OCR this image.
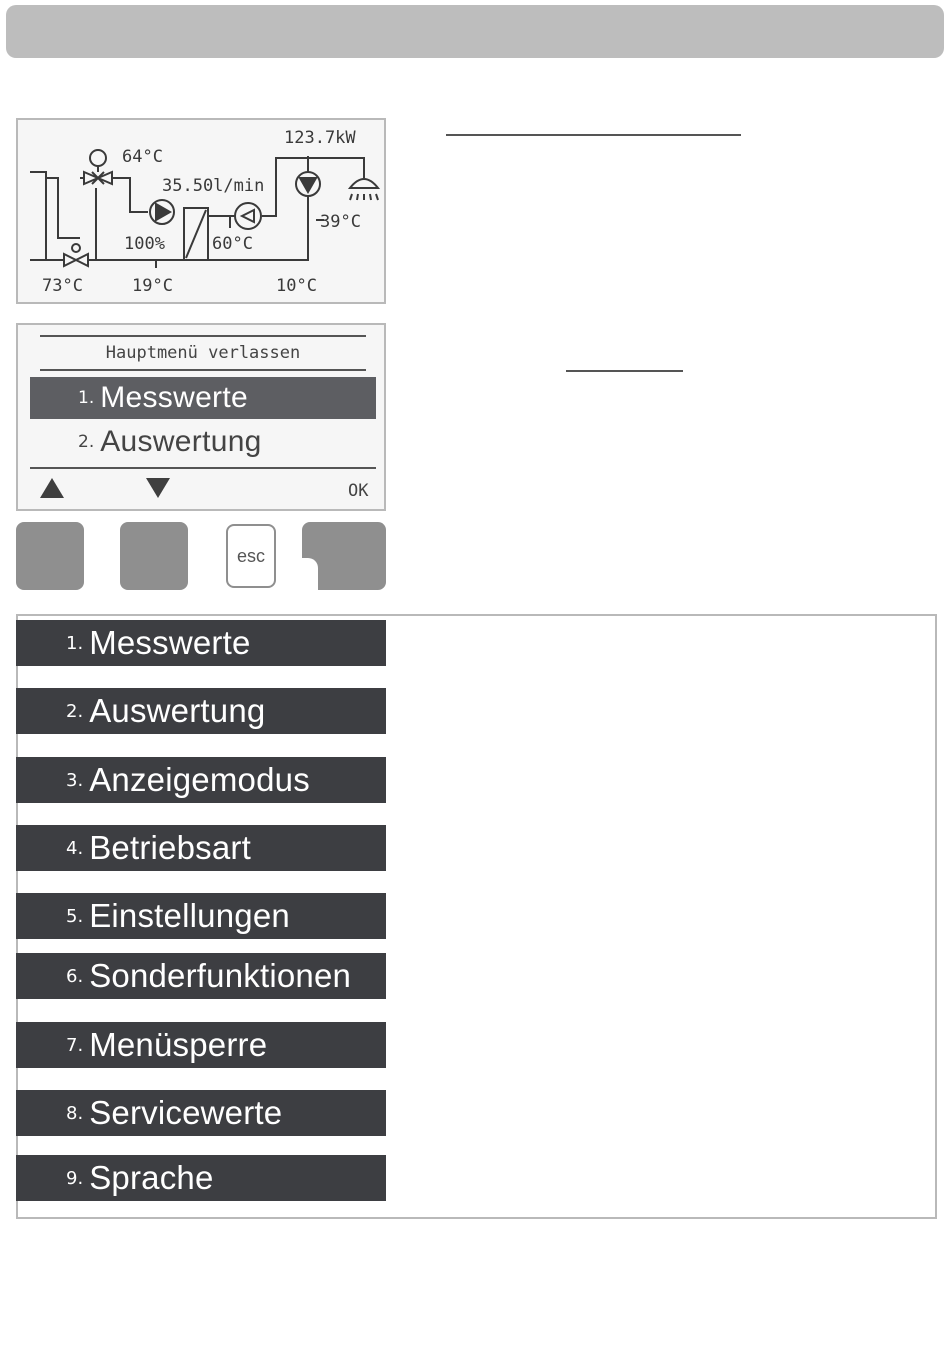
123.7kW
64°C
35.50l/min
100%	60°C
39°C
73°C	19°C	10°C
Hauptmenü verlassen
1. Messwerte
2. Auswertung
OK
esc
1. Messwerte
2. Auswertung
3. Anzeigemodus
4. Betriebsart
5. Einstellungen
6. Sonderfunktionen
7. Menüsperre
8. Servicewerte
9. Sprache
